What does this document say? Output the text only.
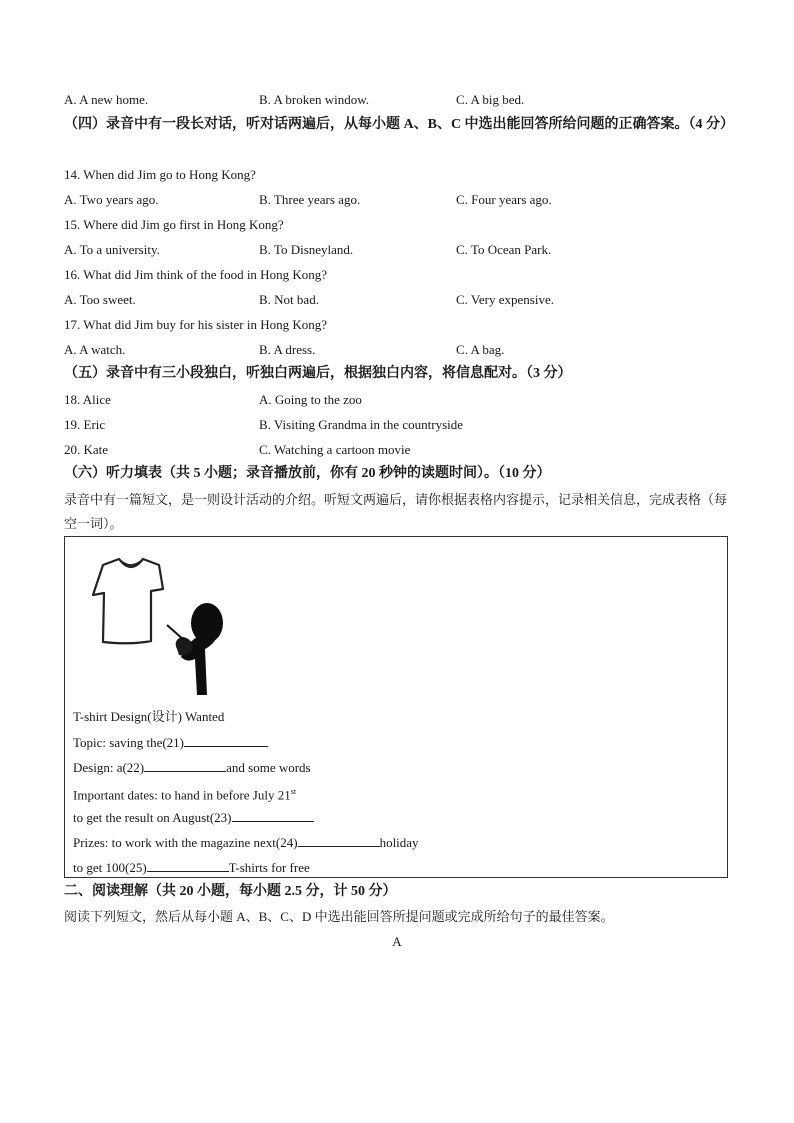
A. A new home.	B. A broken window.	C. A big bed.
（四）录音中有一段长对话，听对话两遍后，从每小题 A、B、C 中选出能回答所给问题的正确答案。（4 分）
14. When did Jim go to Hong Kong?
A. Two years ago.	B. Three years ago.	C. Four years ago.
15. Where did Jim go first in Hong Kong?
A. To a university.	B. To Disneyland.	C. To Ocean Park.
16. What did Jim think of the food in Hong Kong?
A. Too sweet.	B. Not bad.	C. Very expensive.
17. What did Jim buy for his sister in Hong Kong?
A. A watch.	B. A dress.	C. A bag.
（五）录音中有三小段独白，听独白两遍后，根据独白内容，将信息配对。（3 分）
18. Alice	A. Going to the zoo
19. Eric	B. Visiting Grandma in the countryside
20. Kate	C. Watching a cartoon movie
（六）听力填表（共 5 小题；录音播放前，你有 20 秒钟的读题时间）。（10 分）
录音中有一篇短文，是一则设计活动的介绍。听短文两遍后，请你根据表格内容提示，记录相关信息，完成表格（每空一词）。
T-shirt Design(设计) Wanted
Topic: saving the(21)
Design: a(22)	and some words
Important dates: to hand in before July 21st
to get the result on August(23)
Prizes: to work with the magazine next(24)	holiday
to get 100(25)	T-shirts for free
二、阅读理解（共 20 小题，每小题 2.5 分，计 50 分）
阅读下列短文，然后从每小题 A、B、C、D 中选出能回答所提问题或完成所给句子的最佳答案。
A
